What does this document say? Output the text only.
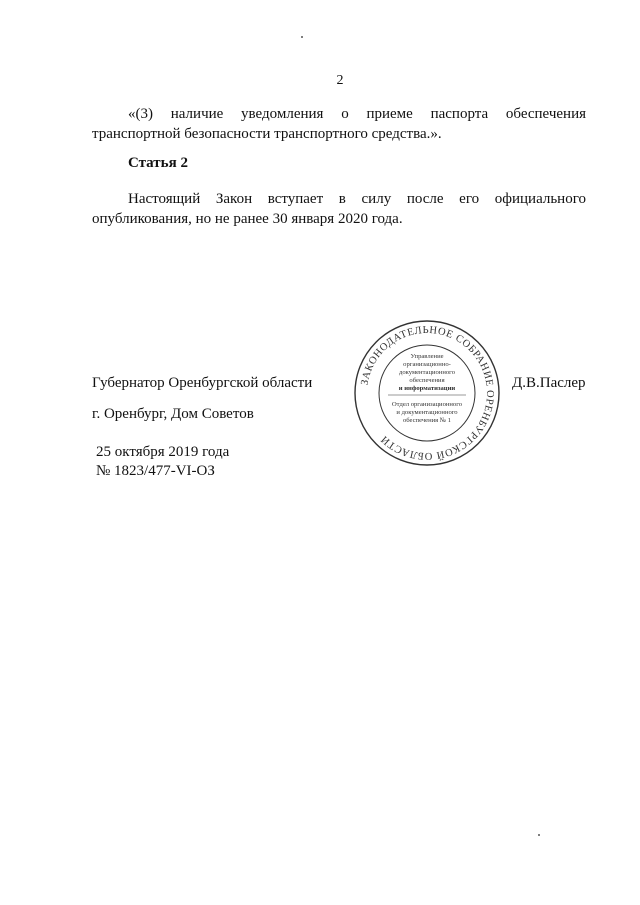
2

«(3) наличие уведомления о приеме паспорта обеспечения транспортной безопасности транспортного средства.».

Статья 2

Настоящий Закон вступает в силу после его официального опубликования, но не ранее 30 января 2020 года.

Губернатор Оренбургской области	ЗАКОНОДАТЕЛЬНОЕ СОБРАНИЕ ОРЕНБУРГСКОЙ ОБЛАСТИ
Управление
организационно-
документационного
обеспечения
и информатизации
Отдел организационного
и документационного
обеспечения № 1
Д.В.Паслер
г. Оренбург, Дом Советов
25 октября 2019 года
№ 1823/477-VI-ОЗ
